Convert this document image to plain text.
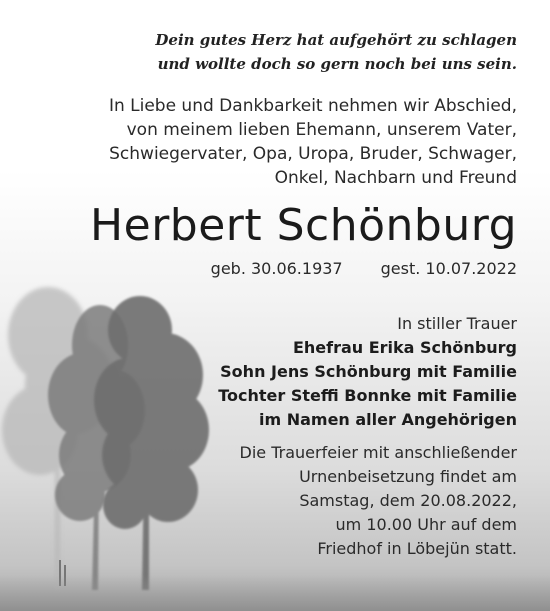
Dein gutes Herz hat aufgehört zu schlagen
und wollte doch so gern noch bei uns sein.

In Liebe und Dankbarkeit nehmen wir Abschied,
von meinem lieben Ehemann, unserem Vater,
Schwiegervater, Opa, Uropa, Bruder, Schwager,
Onkel, Nachbarn und Freund

Herbert Schönburg

geb. 30.06.1937 gest. 10.07.2022

In stiller Trauer
Ehefrau Erika Schönburg
Sohn Jens Schönburg mit Familie
Tochter Steffi Bonnke mit Familie
im Namen aller Angehörigen

Die Trauerfeier mit anschließender
Urnenbeisetzung findet am
Samstag, dem 20.08.2022,
um 10.00 Uhr auf dem
Friedhof in Löbejün statt.
